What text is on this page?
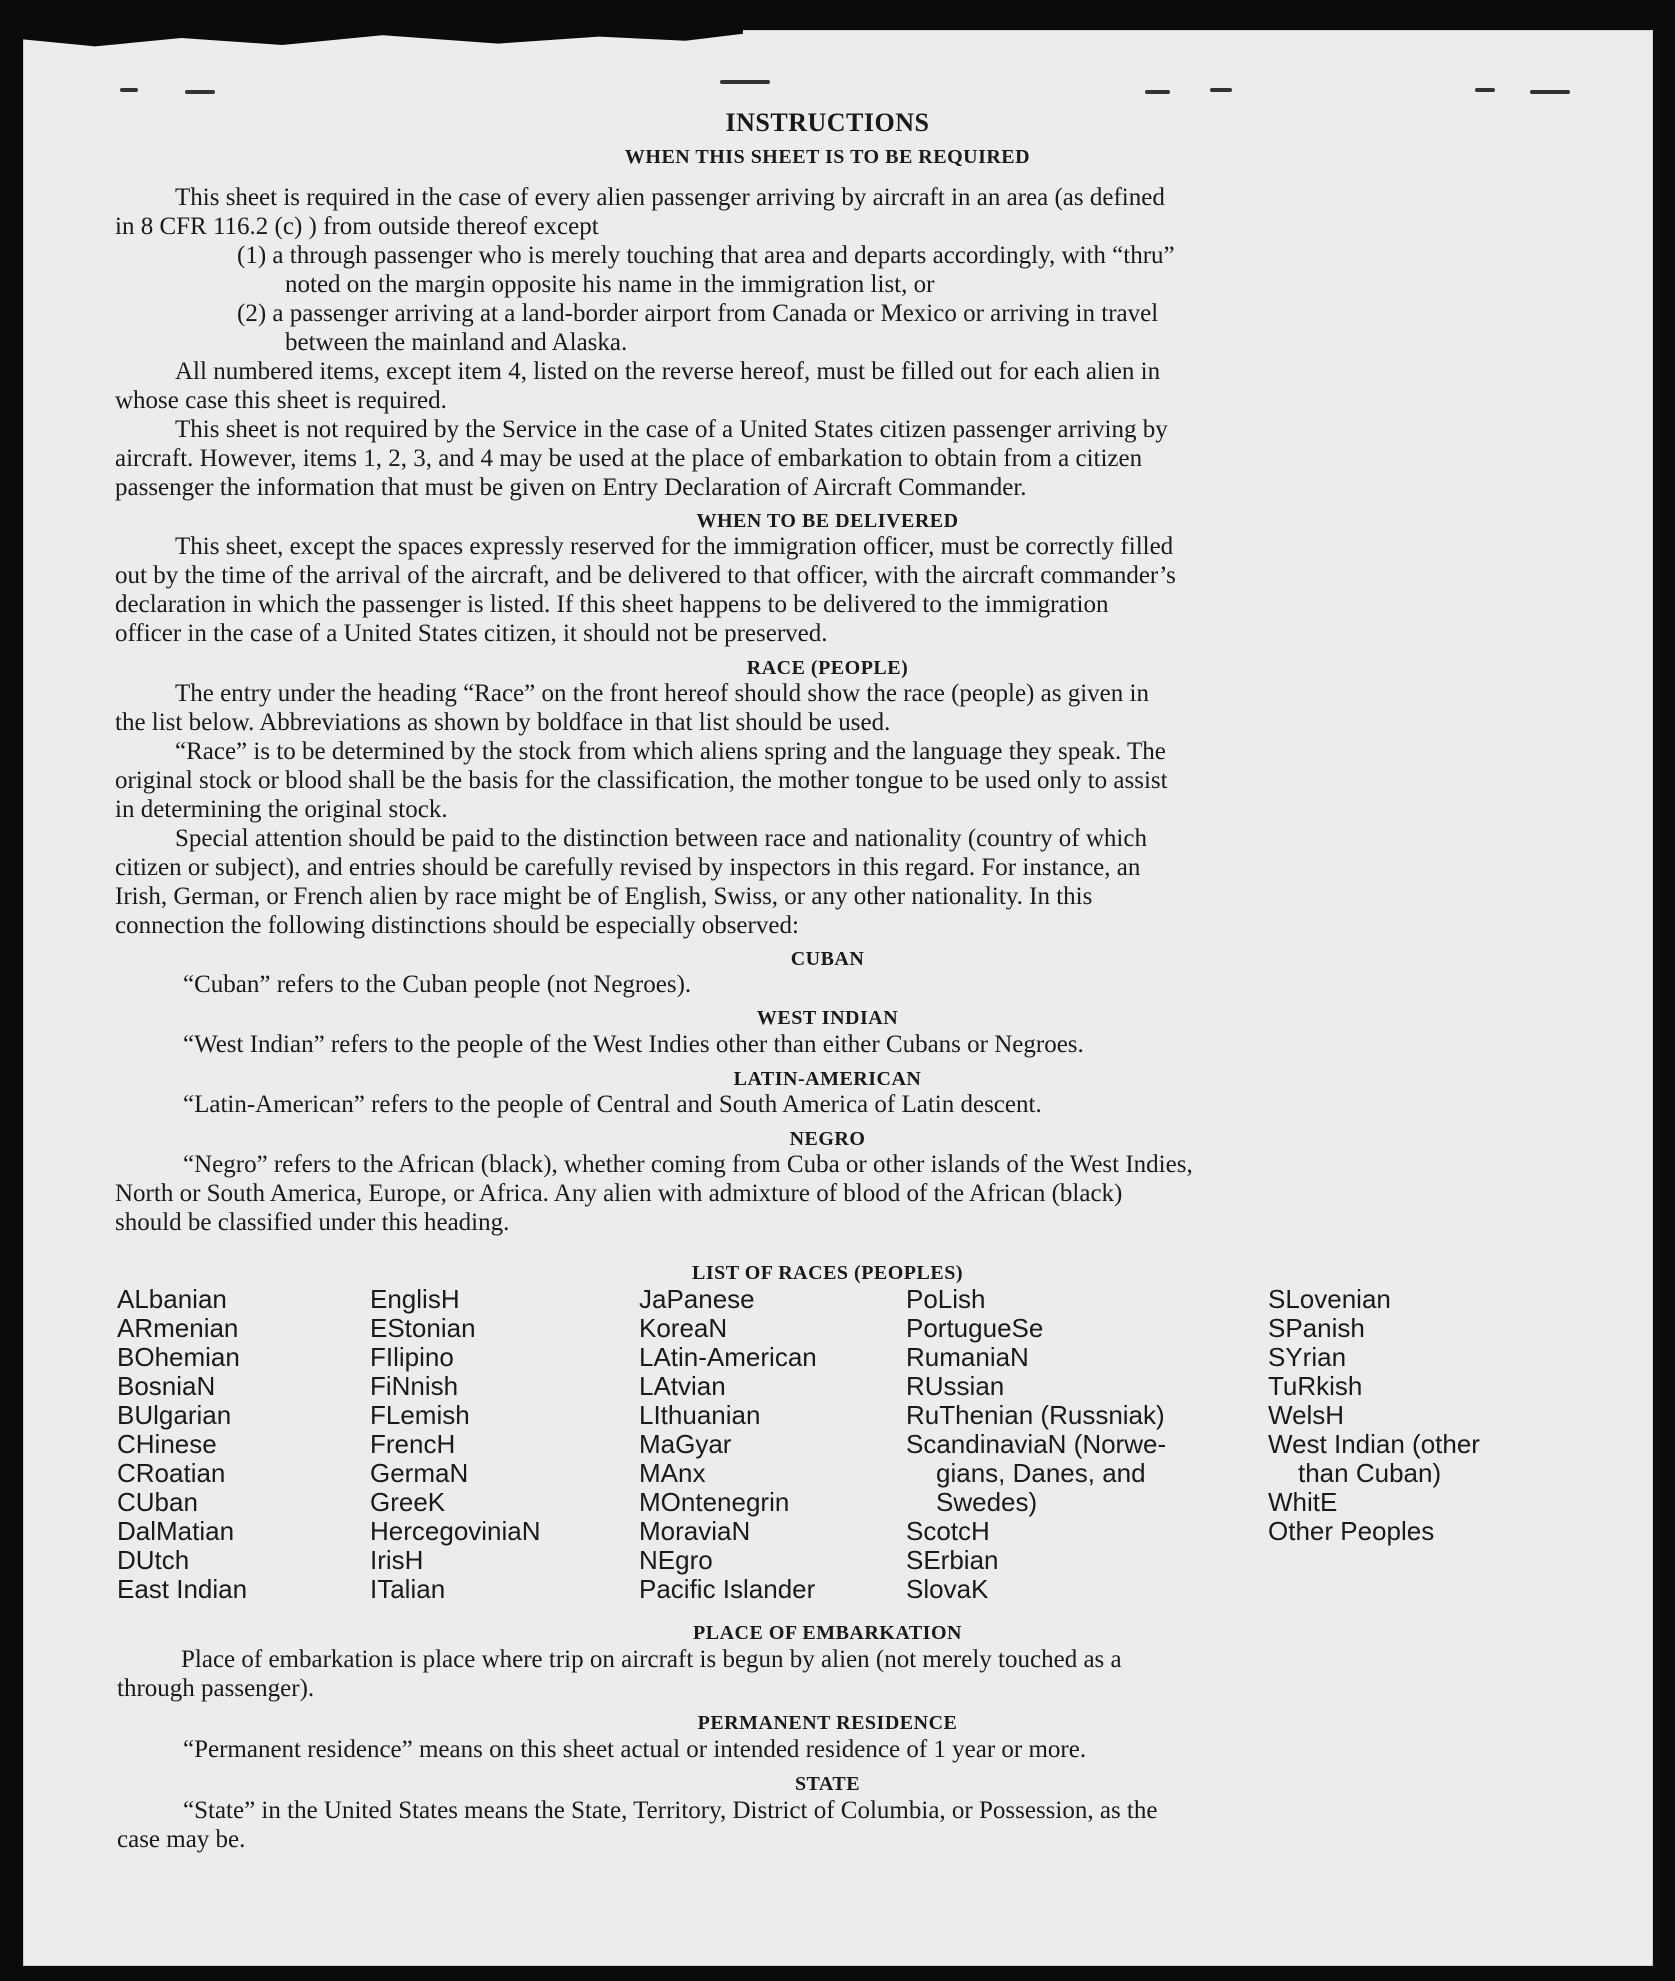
INSTRUCTIONS
WHEN THIS SHEET IS TO BE REQUIRED
This sheet is required in the case of every alien passenger arriving by aircraft in an area (as defined
in 8 CFR 116.2 (c) ) from outside thereof except
(1) a through passenger who is merely touching that area and departs accordingly, with “thru”
noted on the margin opposite his name in the immigration list, or
(2) a passenger arriving at a land-border airport from Canada or Mexico or arriving in travel
between the mainland and Alaska.
All numbered items, except item 4, listed on the reverse hereof, must be filled out for each alien in
whose case this sheet is required.
This sheet is not required by the Service in the case of a United States citizen passenger arriving by
aircraft. However, items 1, 2, 3, and 4 may be used at the place of embarkation to obtain from a citizen
passenger the information that must be given on Entry Declaration of Aircraft Commander.
WHEN TO BE DELIVERED
This sheet, except the spaces expressly reserved for the immigration officer, must be correctly filled
out by the time of the arrival of the aircraft, and be delivered to that officer, with the aircraft commander’s
declaration in which the passenger is listed. If this sheet happens to be delivered to the immigration
officer in the case of a United States citizen, it should not be preserved.
RACE (PEOPLE)
The entry under the heading “Race” on the front hereof should show the race (people) as given in
the list below. Abbreviations as shown by boldface in that list should be used.
“Race” is to be determined by the stock from which aliens spring and the language they speak. The
original stock or blood shall be the basis for the classification, the mother tongue to be used only to assist
in determining the original stock.
Special attention should be paid to the distinction between race and nationality (country of which
citizen or subject), and entries should be carefully revised by inspectors in this regard. For instance, an
Irish, German, or French alien by race might be of English, Swiss, or any other nationality. In this
connection the following distinctions should be especially observed:
CUBAN
“Cuban” refers to the Cuban people (not Negroes).
WEST INDIAN
“West Indian” refers to the people of the West Indies other than either Cubans or Negroes.
LATIN-AMERICAN
“Latin-American” refers to the people of Central and South America of Latin descent.
NEGRO
“Negro” refers to the African (black), whether coming from Cuba or other islands of the West Indies,
North or South America, Europe, or Africa. Any alien with admixture of blood of the African (black)
should be classified under this heading.
LIST OF RACES (PEOPLES)
ALbanian
ARmenian
BOhemian
BosniaN
BUlgarian
CHinese
CRoatian
CUban
DalMatian
DUtch
East Indian
EnglisH
EStonian
FIlipino
FiNnish
FLemish
FrencH
GermaN
GreeK
HercegoviniaN
IrisH
ITalian
JaPanese
KoreaN
LAtin-American
LAtvian
LIthuanian
MaGyar
MAnx
MOntenegrin
MoraviaN
NEgro
Pacific Islander
PoLish
PortugueSe
RumaniaN
RUssian
RuThenian (Russniak)
ScandinaviaN (Norwe-
gians, Danes, and
Swedes)
ScotcH
SErbian
SlovaK
SLovenian
SPanish
SYrian
TuRkish
WelsH
West Indian (other
than Cuban)
WhitE
Other Peoples
PLACE OF EMBARKATION
Place of embarkation is place where trip on aircraft is begun by alien (not merely touched as a
through passenger).
PERMANENT RESIDENCE
“Permanent residence” means on this sheet actual or intended residence of 1 year or more.
STATE
“State” in the United States means the State, Territory, District of Columbia, or Possession, as the
case may be.
